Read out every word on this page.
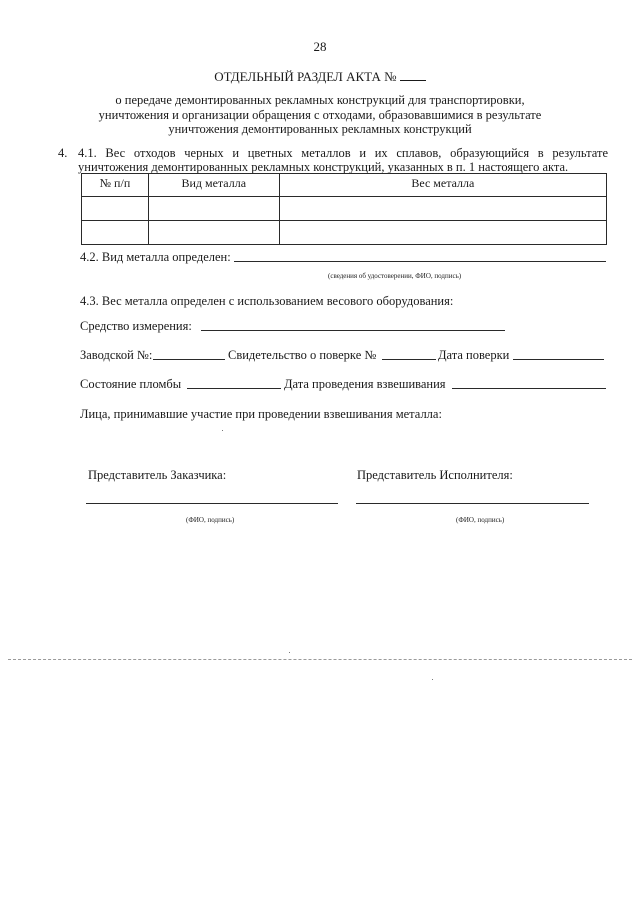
28
ОТДЕЛЬНЫЙ РАЗДЕЛ АКТА №
о передаче демонтированных рекламных конструкций для транспортировки, уничтожения и организации обращения с отходами, образовавшимися в результате уничтожения демонтированных рекламных конструкций
4. 4.1. Вес отходов черных и цветных металлов и их сплавов, образующийся в результате уничтожения демонтированных рекламных конструкций, указанных в п. 1 настоящего акта.
№ п/п	Вид металла	Вес металла

4.2. Вид металла определен:
(сведения об удостоверении, ФИО, подпись)
4.3. Вес металла определен с использованием весового оборудования:
Средство измерения:
Заводской №:	Свидетельство о поверке №	Дата поверки
Состояние пломбы	Дата проведения взвешивания
Лица, принимавшие участие при проведении взвешивания металла:
Представитель Заказчика:	Представитель Исполнителя:
(ФИО, подпись)	(ФИО, подпись)
